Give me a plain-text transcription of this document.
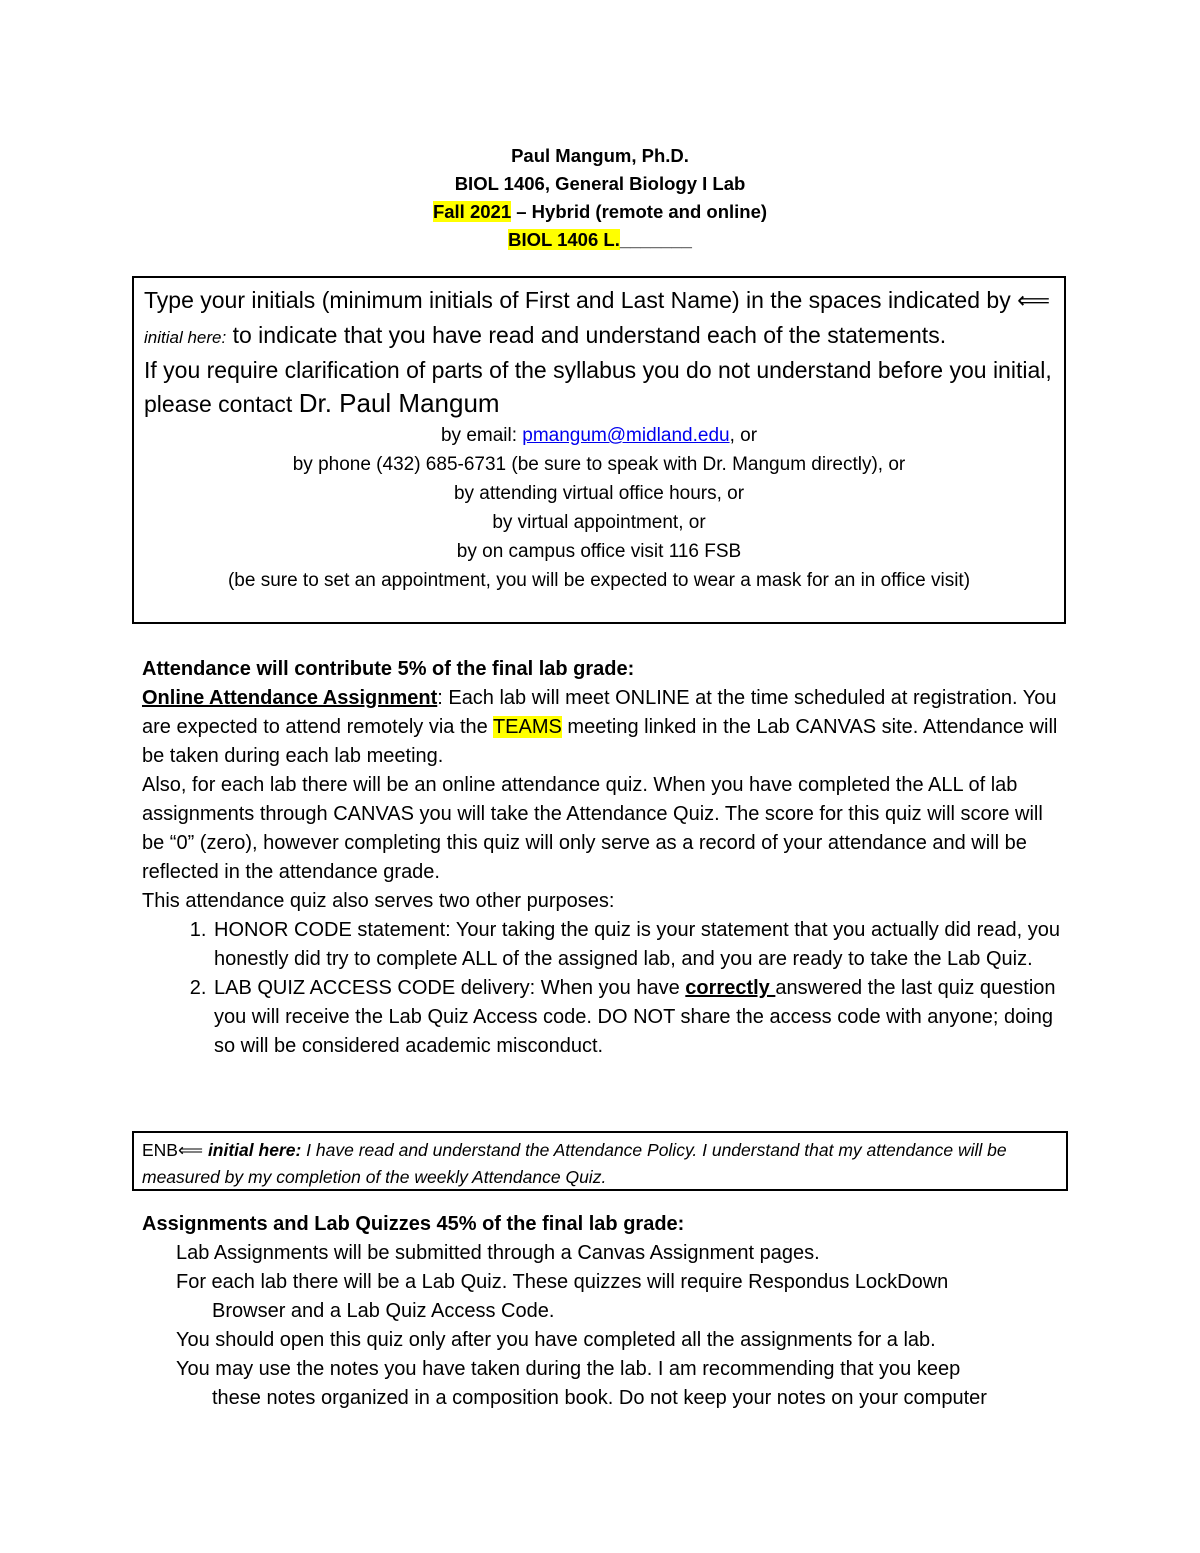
Paul Mangum, Ph.D.
BIOL 1406, General Biology I Lab
Fall 2021 – Hybrid (remote and online)
BIOL 1406 L._______
Type your initials (minimum initials of First and Last Name) in the spaces indicated by ⟸ initial here: to indicate that you have read and understand each of the statements.
If you require clarification of parts of the syllabus you do not understand before you initial, please contact Dr. Paul Mangum
by email: pmangum@midland.edu, or
by phone (432) 685-6731 (be sure to speak with Dr. Mangum directly), or
by attending virtual office hours, or
by virtual appointment, or
by on campus office visit 116 FSB
(be sure to set an appointment, you will be expected to wear a mask for an in office visit)

Attendance will contribute 5% of the final lab grade:

Online Attendance Assignment: Each lab will meet ONLINE at the time scheduled at registration. You are expected to attend remotely via the TEAMS meeting linked in the Lab CANVAS site. Attendance will be taken during each lab meeting.

Also, for each lab there will be an online attendance quiz. When you have completed the ALL of lab assignments through CANVAS you will take the Attendance Quiz. The score for this quiz will score will be “0” (zero), however completing this quiz will only serve as a record of your attendance and will be reflected in the attendance grade.

This attendance quiz also serves two other purposes:

1. HONOR CODE statement: Your taking the quiz is your statement that you actually did read, you honestly did try to complete ALL of the assigned lab, and you are ready to take the Lab Quiz.
2. LAB QUIZ ACCESS CODE delivery: When you have correctly answered the last quiz question you will receive the Lab Quiz Access code. DO NOT share the access code with anyone; doing so will be considered academic misconduct.
ENB⟸ initial here: I have read and understand the Attendance Policy. I understand that my attendance will be measured by my completion of the weekly Attendance Quiz.

Assignments and Lab Quizzes 45% of the final lab grade:

Lab Assignments will be submitted through a Canvas Assignment pages.

For each lab there will be a Lab Quiz. These quizzes will require Respondus LockDown

Browser and a Lab Quiz Access Code.

You should open this quiz only after you have completed all the assignments for a lab.

You may use the notes you have taken during the lab. I am recommending that you keep

these notes organized in a composition book. Do not keep your notes on your computer
